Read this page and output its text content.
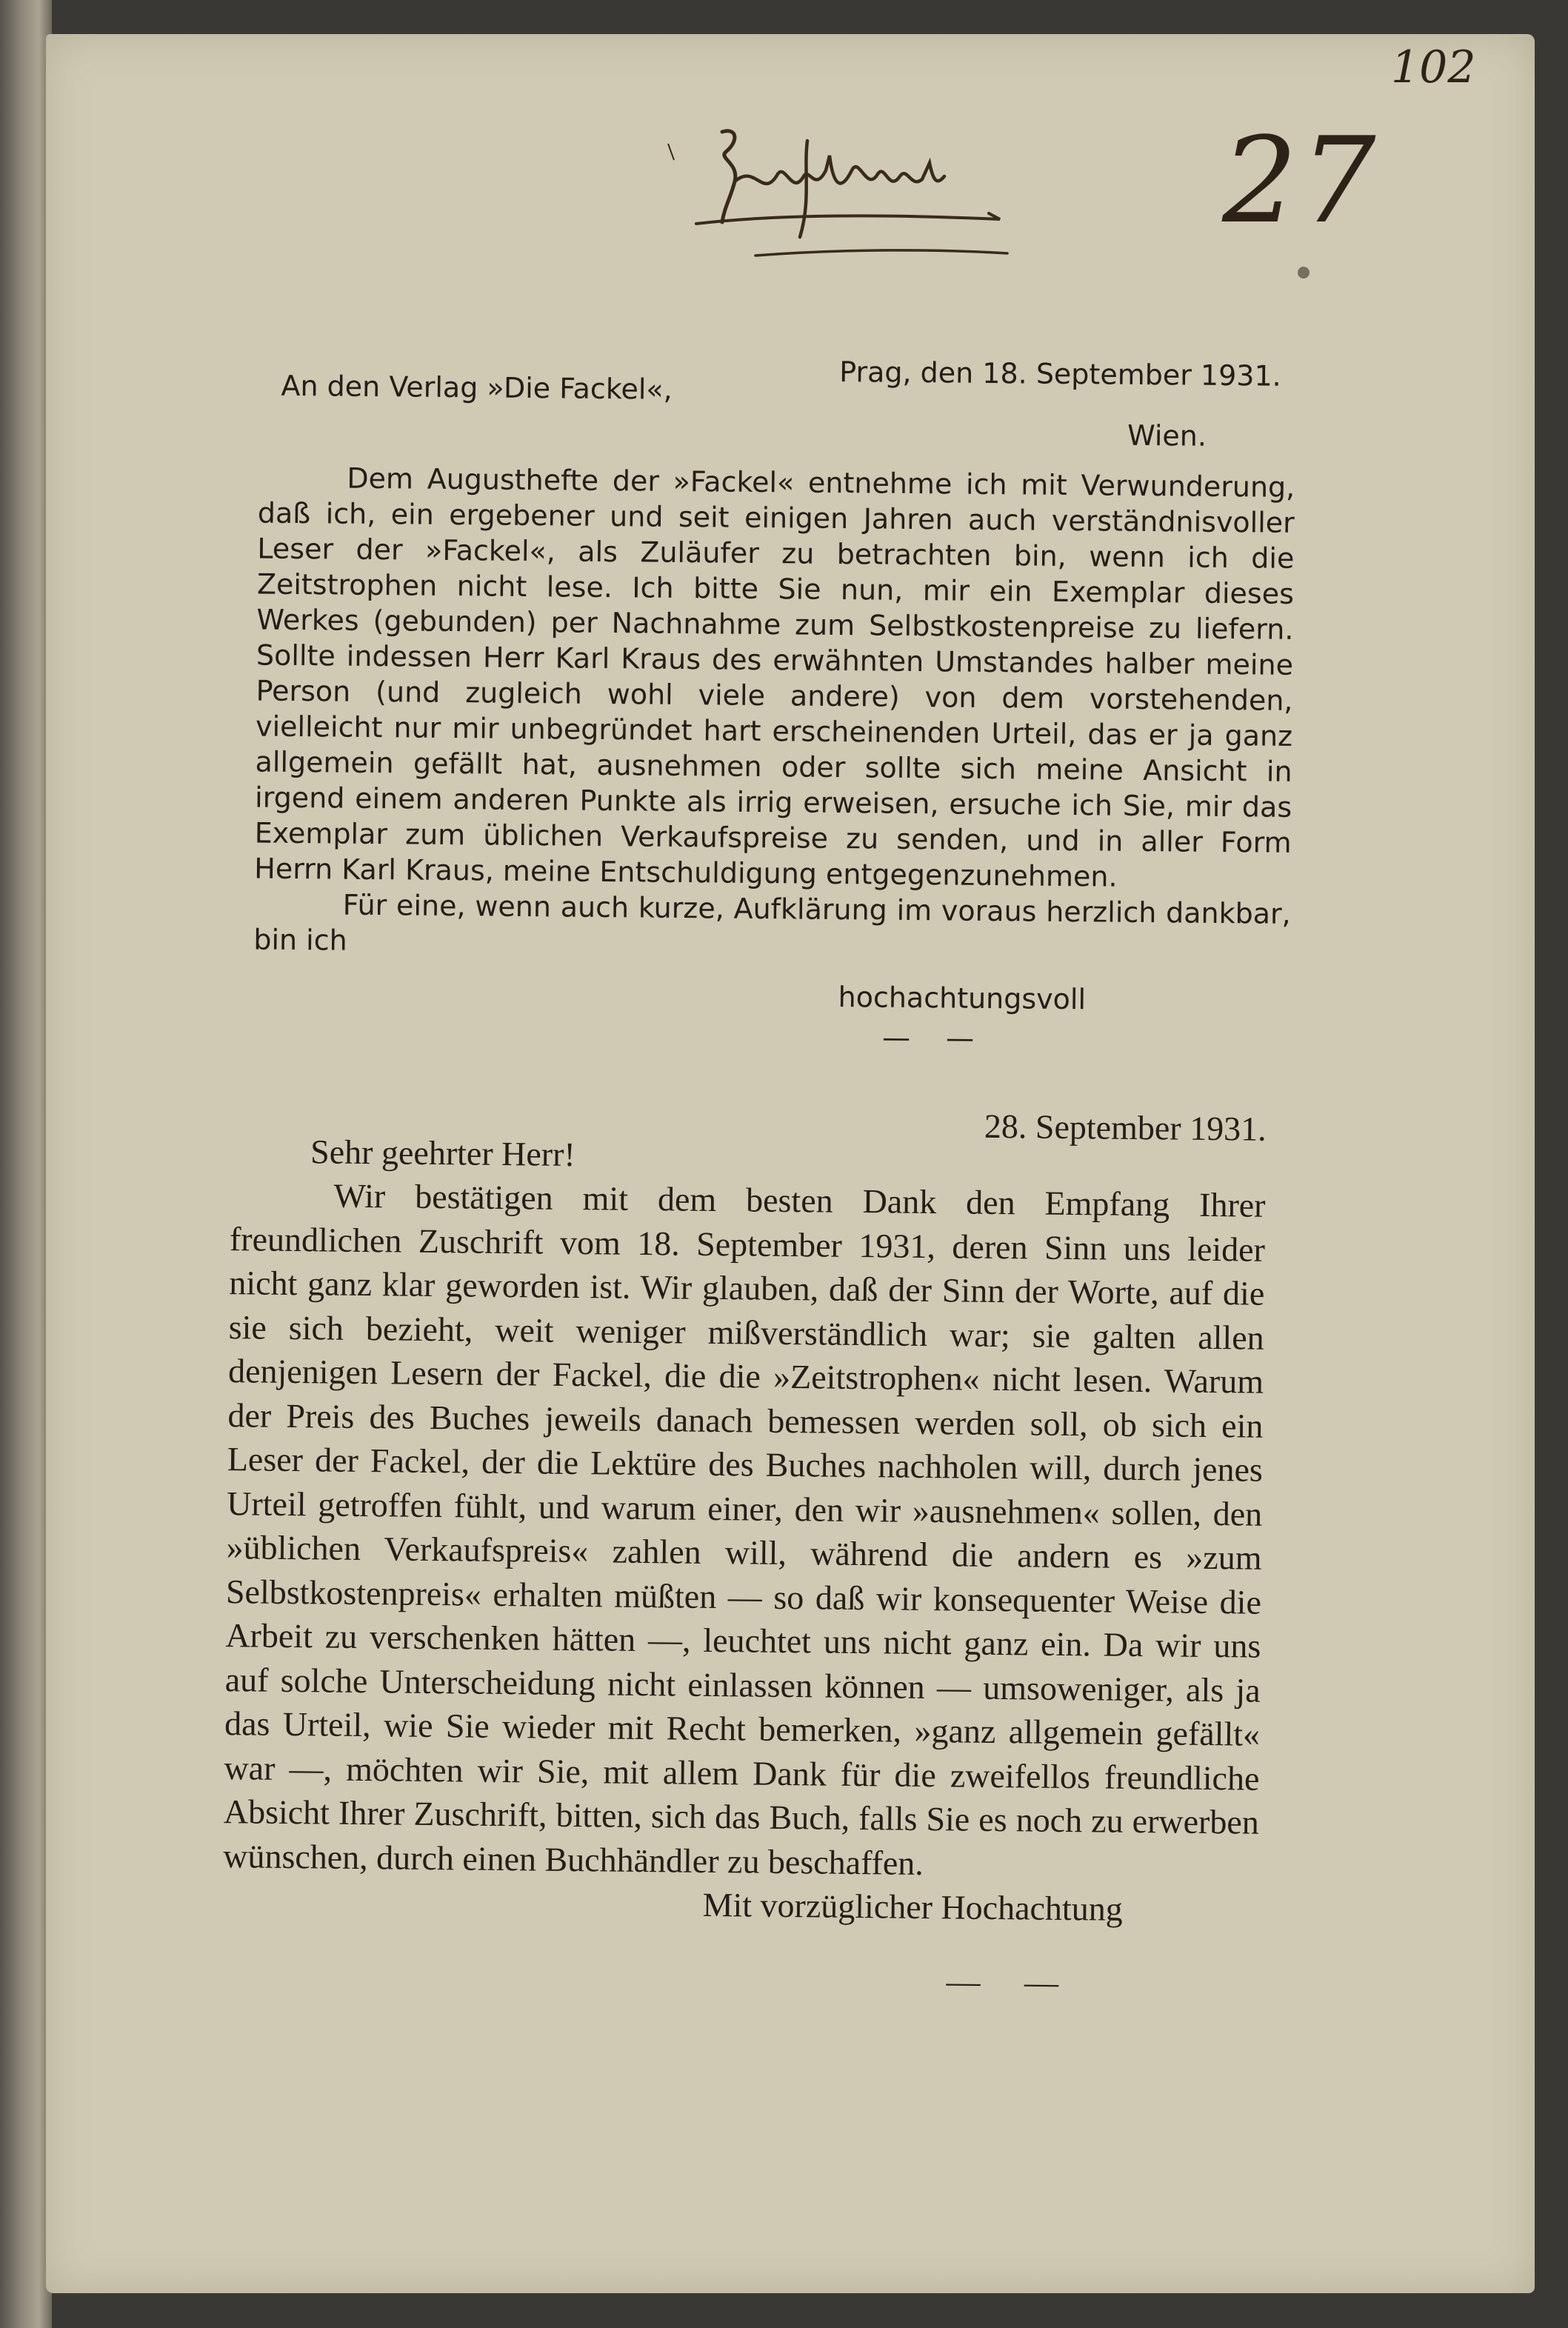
102
27
Prag, den 18. September 1931.
An den Verlag »Die Fackel«,
Wien.

Dem Augusthefte der »Fackel« entnehme ich mit Verwunderung, daß ich, ein ergebener und seit einigen Jahren auch verständnisvoller Leser der »Fackel«, als Zuläufer zu betrachten bin, wenn ich die Zeitstrophen nicht lese. Ich bitte Sie nun, mir ein Exemplar dieses Werkes (gebunden) per Nachnahme zum Selbstkostenpreise zu liefern. Sollte indessen Herr Karl Kraus des erwähnten Umstandes halber meine Person (und zugleich wohl viele andere) von dem vorstehenden, vielleicht nur mir unbegründet hart erscheinenden Urteil, das er ja ganz allgemein gefällt hat, ausnehmen oder sollte sich meine Ansicht in irgend einem anderen Punkte als irrig erweisen, ersuche ich Sie, mir das Exemplar zum üblichen Verkaufspreise zu senden, und in aller Form Herrn Karl Kraus, meine Entschuldigung entgegenzunehmen.

Für eine, wenn auch kurze, Aufklärung im voraus herzlich dankbar, bin ich

hochachtungsvoll
— —
28. September 1931.
Sehr geehrter Herr!

Wir bestätigen mit dem besten Dank den Empfang Ihrer freundlichen Zuschrift vom 18. September 1931, deren Sinn uns leider nicht ganz klar geworden ist. Wir glauben, daß der Sinn der Worte, auf die sie sich bezieht, weit weniger mißverständlich war; sie galten allen denjenigen Lesern der Fackel, die die »Zeitstrophen« nicht lesen. Warum der Preis des Buches jeweils danach bemessen werden soll, ob sich ein Leser der Fackel, der die Lektüre des Buches nachholen will, durch jenes Urteil getroffen fühlt, und warum einer, den wir »ausnehmen« sollen, den »üblichen Verkaufspreis« zahlen will, während die andern es »zum Selbstkostenpreis« erhalten müßten — so daß wir konsequenter Weise die Arbeit zu verschenken hätten —, leuchtet uns nicht ganz ein. Da wir uns auf solche Unterscheidung nicht einlassen können — umsoweniger, als ja das Urteil, wie Sie wieder mit Recht bemerken, »ganz allgemein gefällt« war —, möchten wir Sie, mit allem Dank für die zweifellos freundliche Absicht Ihrer Zuschrift, bitten, sich das Buch, falls Sie es noch zu erwerben wünschen, durch einen Buchhändler zu beschaffen.

Mit vorzüglicher Hochachtung
— —
